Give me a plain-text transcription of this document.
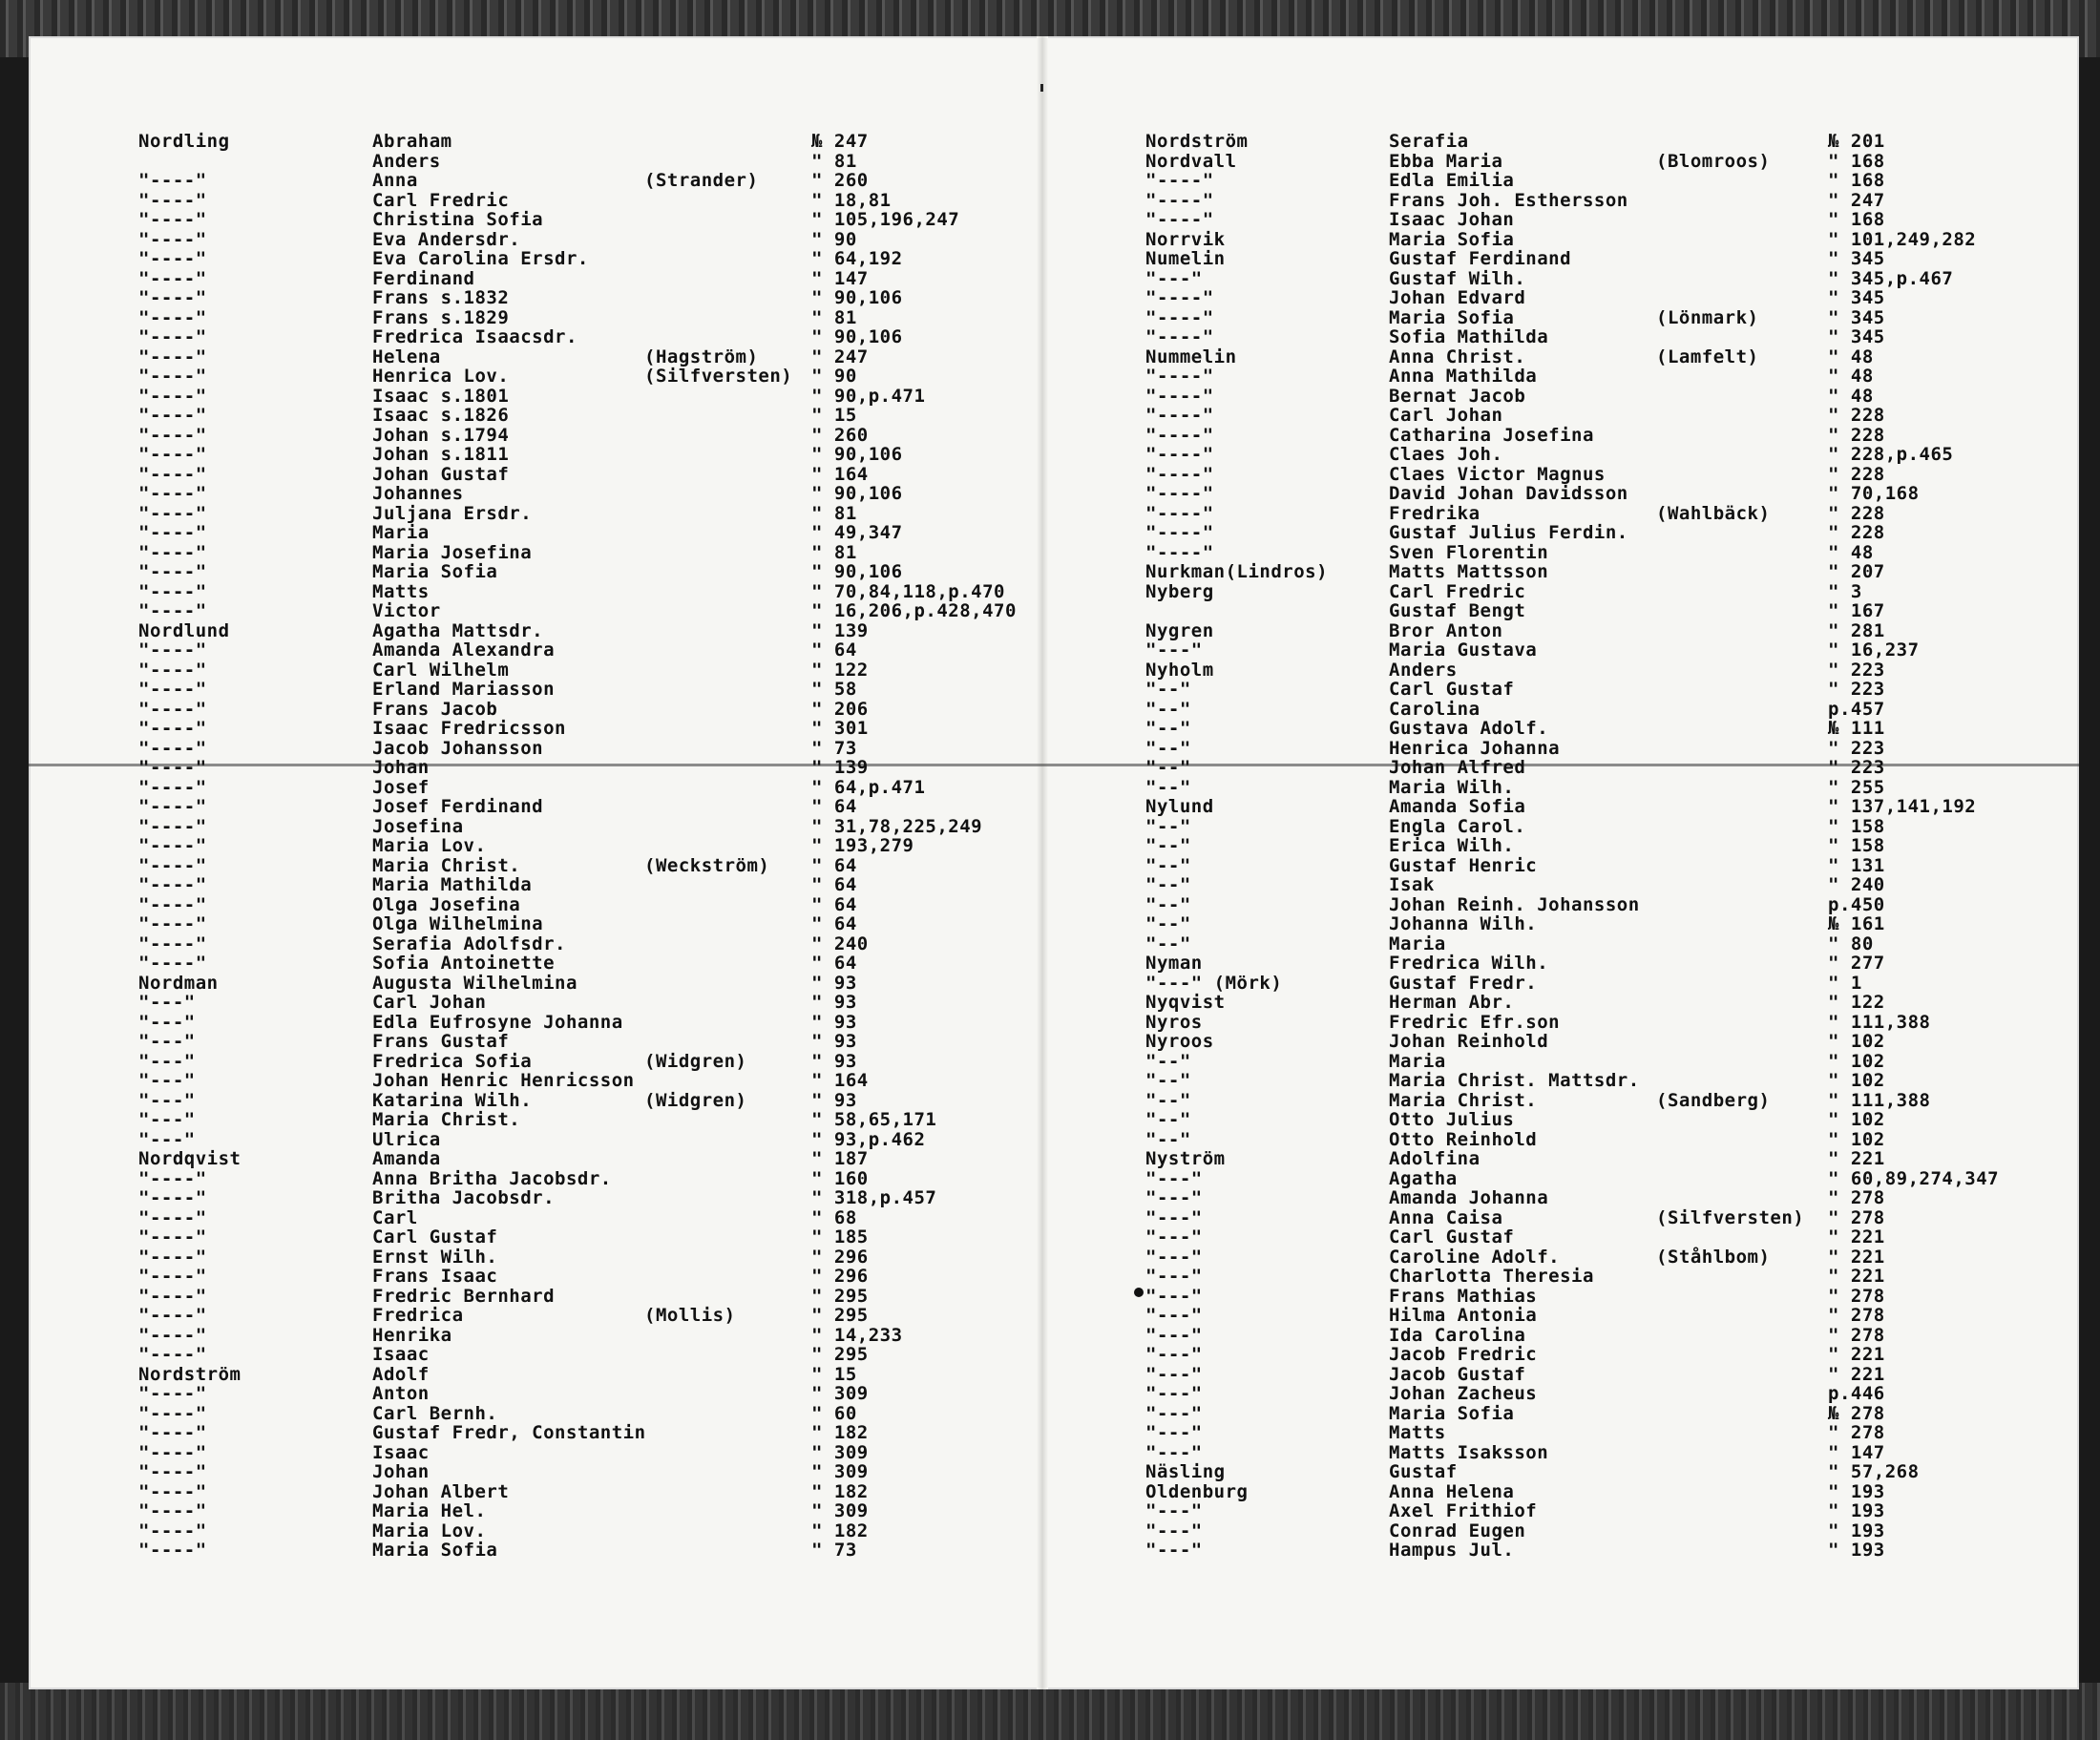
Nordling	Abraham	№ 247
Anders	" 81
"----"	Anna	(Strander)	" 260
"----"	Carl Fredric	" 18,81
"----"	Christina Sofia	" 105,196,247
"----"	Eva Andersdr.	" 90
"----"	Eva Carolina Ersdr.	" 64,192
"----"	Ferdinand	" 147
"----"	Frans s.1832	" 90,106
"----"	Frans s.1829	" 81
"----"	Fredrica Isaacsdr.	" 90,106
"----"	Helena	(Hagström)	" 247
"----"	Henrica Lov.	(Silfversten) " 90
"----"	Isaac s.1801	" 90,p.471
"----"	Isaac s.1826	" 15
"----"	Johan s.1794	" 260
"----"	Johan s.1811	" 90,106
"----"	Johan Gustaf	" 164
"----"	Johannes	" 90,106
"----"	Juljana Ersdr.	" 81
"----"	Maria	" 49,347
"----"	Maria Josefina	" 81
"----"	Maria Sofia	" 90,106
"----"	Matts	" 70,84,118,p.470
"----"	Victor	" 16,206,p.428,470
Nordlund	Agatha Mattsdr.	" 139
"----"	Amanda Alexandra	" 64
"----"	Carl Wilhelm	" 122
"----"	Erland Mariasson	" 58
"----"	Frans Jacob	" 206
"----"	Isaac Fredricsson	" 301
"----"	Jacob Johansson	" 73
"----"	Johan	" 139
"----"	Josef	" 64,p.471
"----"	Josef Ferdinand	" 64
"----"	Josefina	" 31,78,225,249
"----"	Maria Lov.	" 193,279
"----"	Maria Christ.	(Weckström) " 64
"----"	Maria Mathilda	" 64
"----"	Olga Josefina	" 64
"----"	Olga Wilhelmina	" 64
"----"	Serafia Adolfsdr.	" 240
"----"	Sofia Antoinette	" 64
Nordman	Augusta Wilhelmina	" 93
"---"	Carl Johan	" 93
"---"	Edla Eufrosyne Johanna	" 93
"---"	Frans Gustaf	" 93
"---"	Fredrica Sofia	(Widgren)	" 93
"---"	Johan Henric Henricsson	" 164
"---"	Katarina Wilh.	(Widgren)	" 93
"---"	Maria Christ.	" 58,65,171
"---"	Ulrica	" 93,p.462
Nordqvist	Amanda	" 187
"----"	Anna Britha Jacobsdr.	" 160
"----"	Britha Jacobsdr.	" 318,p.457
"----"	Carl	" 68
"----"	Carl Gustaf	" 185
"----"	Ernst Wilh.	" 296
"----"	Frans Isaac	" 296
"----"	Fredric Bernhard	" 295
"----"	Fredrica	(Mollis)	" 295
"----"	Henrika	" 14,233
"----"	Isaac	" 295
Nordström	Adolf	" 15
"----"	Anton	" 309
"----"	Carl Bernh.	" 60
"----"	Gustaf Fredr, Constantin	" 182
"----"	Isaac	" 309
"----"	Johan	" 309
"----"	Johan Albert	" 182
"----"	Maria Hel.	" 309
"----"	Maria Lov.	" 182
"----"	Maria Sofia	" 73
Nordström	Serafia	№ 201
Nordvall	Ebba Maria	(Blomroos)	" 168
"----"	Edla Emilia	" 168
"----"	Frans Joh. Esthersson	" 247
"----"	Isaac Johan	" 168
Norrvik	Maria Sofia	" 101,249,282
Numelin	Gustaf Ferdinand	" 345
"---"	Gustaf Wilh.	" 345,p.467
"----"	Johan Edvard	" 345
"----"	Maria Sofia	(Lönmark)	" 345
"----"	Sofia Mathilda	" 345
Nummelin	Anna Christ.	(Lamfelt)	" 48
"----"	Anna Mathilda	" 48
"----"	Bernat Jacob	" 48
"----"	Carl Johan	" 228
"----"	Catharina Josefina	" 228
"----"	Claes Joh.	" 228,p.465
"----"	Claes Victor Magnus	" 228
"----"	David Johan Davidsson	" 70,168
"----"	Fredrika	(Wahlbäck)	" 228
"----"	Gustaf Julius Ferdin.	" 228
"----"	Sven Florentin	" 48
Nurkman(Lindros)	Matts Mattsson	" 207
Nyberg	Carl Fredric	" 3
Gustaf Bengt	" 167
Nygren	Bror Anton	" 281
"---"	Maria Gustava	" 16,237
Nyholm	Anders	" 223
"--"	Carl Gustaf	" 223
"--"	Carolina	p.457
"--"	Gustava Adolf.	№ 111
"--"	Henrica Johanna	" 223
"--"	Johan Alfred	" 223
"--"	Maria Wilh.	" 255
Nylund	Amanda Sofia	" 137,141,192
"--"	Engla Carol.	" 158
"--"	Erica Wilh.	" 158
"--"	Gustaf Henric	" 131
"--"	Isak	" 240
"--"	Johan Reinh. Johansson	p.450
"--"	Johanna Wilh.	№ 161
"--"	Maria	" 80
Nyman	Fredrica Wilh.	" 277
"---" (Mörk)	Gustaf Fredr.	" 1
Nyqvist	Herman Abr.	" 122
Nyros	Fredric Efr.son	" 111,388
Nyroos	Johan Reinhold	" 102
"--"	Maria	" 102
"--"	Maria Christ. Mattsdr.	" 102
"--"	Maria Christ.	(Sandberg)	" 111,388
"--"	Otto Julius	" 102
"--"	Otto Reinhold	" 102
Nyström	Adolfina	" 221
"---"	Agatha	" 60,89,274,347
"---"	Amanda Johanna	" 278
"---"	Anna Caisa	(Silfversten) " 278
"---"	Carl Gustaf	" 221
"---"	Caroline Adolf.	(Ståhlbom)	" 221
"---"	Charlotta Theresia	" 221
"---"	Frans Mathias	" 278
"---"	Hilma Antonia	" 278
"---"	Ida Carolina	" 278
"---"	Jacob Fredric	" 221
"---"	Jacob Gustaf	" 221
"---"	Johan Zacheus	p.446
"---"	Maria Sofia	№ 278
"---"	Matts	" 278
"---"	Matts Isaksson	" 147
Näsling	Gustaf	" 57,268
Oldenburg	Anna Helena	" 193
"---"	Axel Frithiof	" 193
"---"	Conrad Eugen	" 193
"---"	Hampus Jul.	" 193
